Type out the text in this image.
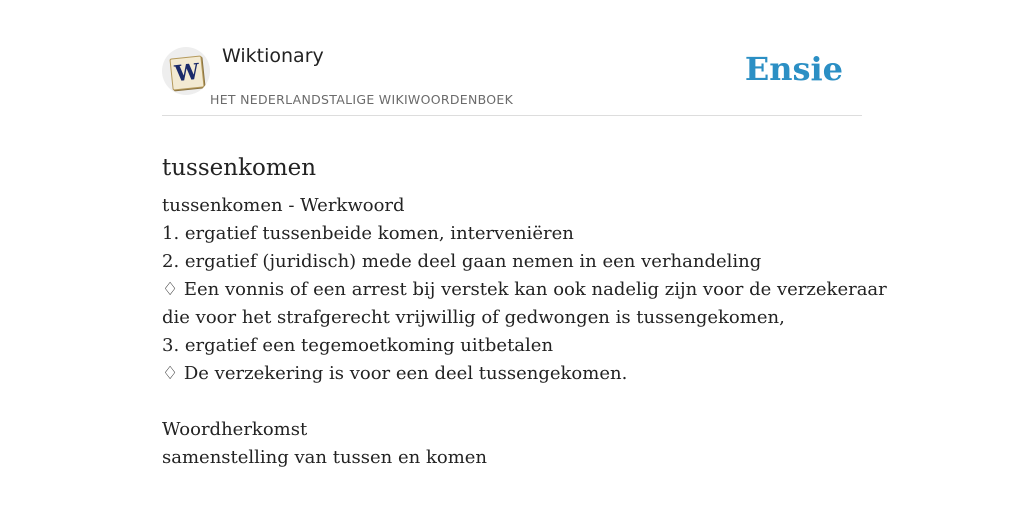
W
Wiktionary
HET NEDERLANDSTALIGE WIKIWOORDENBOEK
Ensie
tussenkomen
tussenkomen - Werkwoord
1. ergatief tussenbeide komen, interveniëren
2. ergatief (juridisch) mede deel gaan nemen in een verhandeling
♢ Een vonnis of een arrest bij verstek kan ook nadelig zijn voor de verzekeraar
die voor het strafgerecht vrijwillig of gedwongen is tussengekomen,
3. ergatief een tegemoetkoming uitbetalen
♢ De verzekering is voor een deel tussengekomen.
Woordherkomst
samenstelling van tussen en komen
